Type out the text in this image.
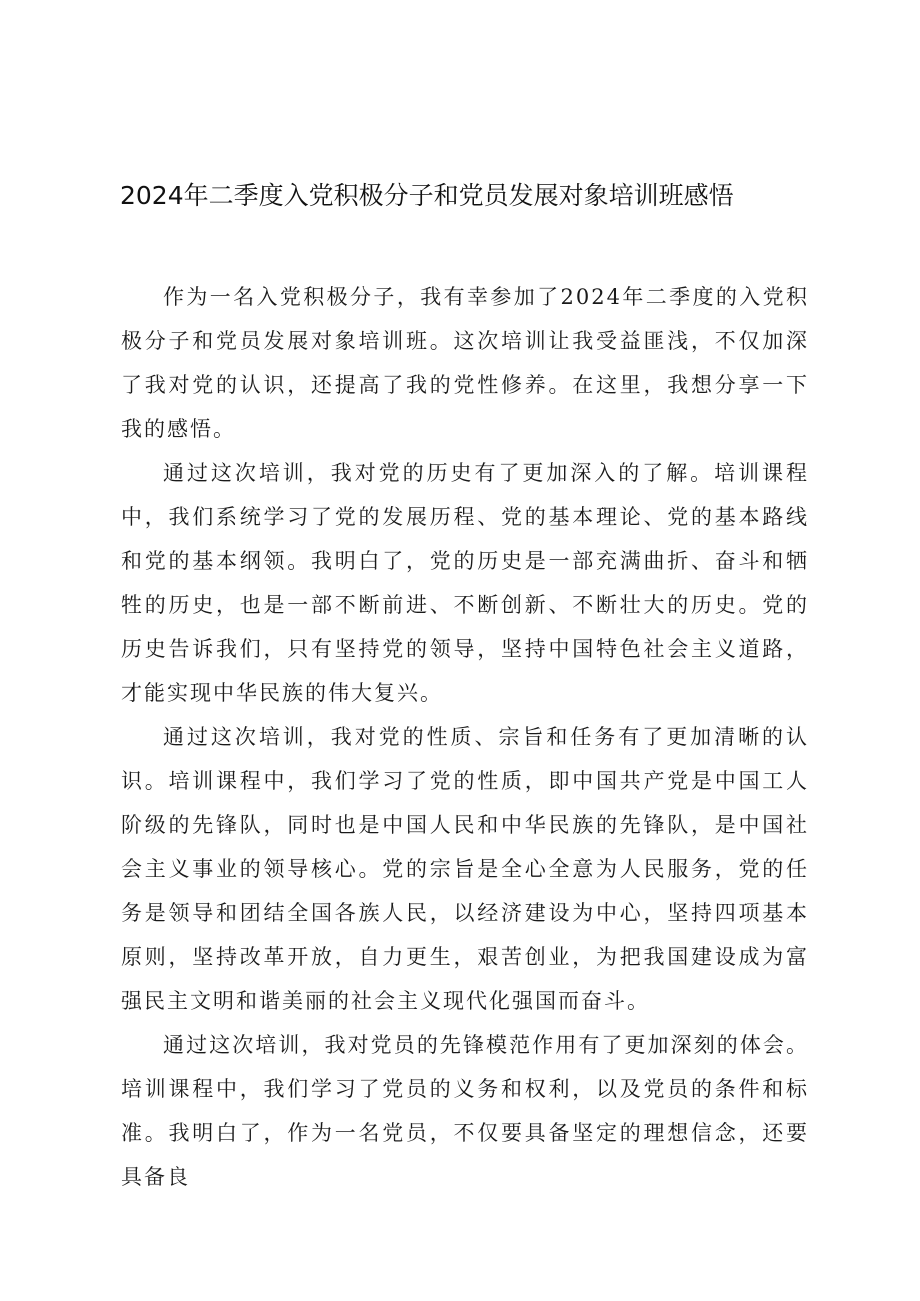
2024年二季度入党积极分子和党员发展对象培训班感悟

作为一名入党积极分子，我有幸参加了2024年二季度的入党积极分子和党员发展对象培训班。这次培训让我受益匪浅，不仅加深了我对党的认识，还提高了我的党性修养。在这里，我想分享一下我的感悟。

通过这次培训，我对党的历史有了更加深入的了解。培训课程中，我们系统学习了党的发展历程、党的基本理论、党的基本路线和党的基本纲领。我明白了，党的历史是一部充满曲折、奋斗和牺牲的历史，也是一部不断前进、不断创新、不断壮大的历史。党的历史告诉我们，只有坚持党的领导，坚持中国特色社会主义道路，才能实现中华民族的伟大复兴。

通过这次培训，我对党的性质、宗旨和任务有了更加清晰的认识。培训课程中，我们学习了党的性质，即中国共产党是中国工人阶级的先锋队，同时也是中国人民和中华民族的先锋队，是中国社会主义事业的领导核心。党的宗旨是全心全意为人民服务，党的任务是领导和团结全国各族人民，以经济建设为中心，坚持四项基本原则，坚持改革开放，自力更生，艰苦创业，为把我国建设成为富强民主文明和谐美丽的社会主义现代化强国而奋斗。

通过这次培训，我对党员的先锋模范作用有了更加深刻的体会。培训课程中，我们学习了党员的义务和权利，以及党员的条件和标准。我明白了，作为一名党员，不仅要具备坚定的理想信念，还要具备良
